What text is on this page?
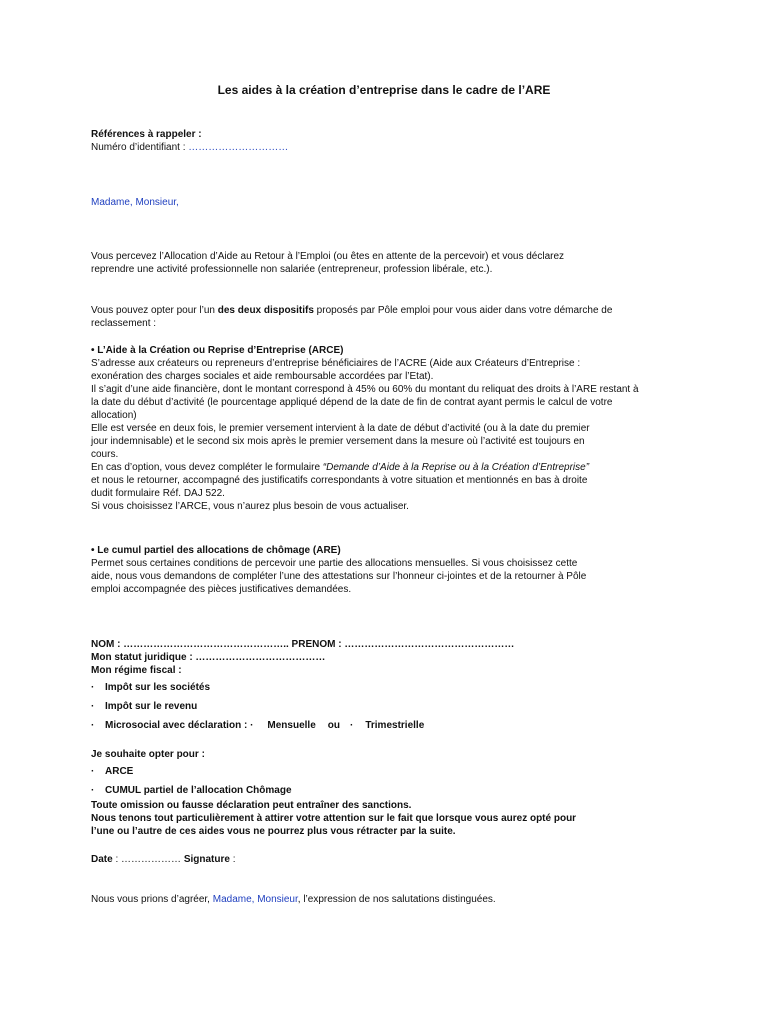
Les aides à la création d’entreprise dans le cadre de l’ARE
Références à rappeler :
Numéro d’identifiant : …………………………
Madame, Monsieur,
Vous percevez l’Allocation d’Aide au Retour à l’Emploi (ou êtes en attente de la percevoir) et vous déclarez
reprendre une activité professionnelle non salariée (entrepreneur, profession libérale, etc.).
Vous pouvez opter pour l’un des deux dispositifs proposés par Pôle emploi pour vous aider dans votre démarche de
reclassement :
• L’Aide à la Création ou Reprise d’Entreprise (ARCE)
S’adresse aux créateurs ou repreneurs d’entreprise bénéficiaires de l’ACRE (Aide aux Créateurs d’Entreprise :
exonération des charges sociales et aide remboursable accordées par l’Etat).
Il s’agit d’une aide financière, dont le montant correspond à 45% ou 60% du montant du reliquat des droits à l’ARE restant à
la date du début d’activité (le pourcentage appliqué dépend de la date de fin de contrat ayant permis le calcul de votre
allocation)
Elle est versée en deux fois, le premier versement intervient à la date de début d’activité (ou à la date du premier
jour indemnisable) et le second six mois après le premier versement dans la mesure où l’activité est toujours en
cours.
En cas d’option, vous devez compléter le formulaire “Demande d’Aide à la Reprise ou à la Création d’Entreprise”
et nous le retourner, accompagné des justificatifs correspondants à votre situation et mentionnés en bas à droite
dudit formulaire Réf. DAJ 522.
Si vous choisissez l’ARCE, vous n’aurez plus besoin de vous actualiser.
• Le cumul partiel des allocations de chômage (ARE)
Permet sous certaines conditions de percevoir une partie des allocations mensuelles. Si vous choisissez cette
aide, nous vous demandons de compléter l’une des attestations sur l’honneur ci-jointes et de la retourner à Pôle
emploi accompagnée des pièces justificatives demandées.
NOM : ………………………………………….. PRENOM : ……………………………………………
Mon statut juridique : …………………………………
Mon régime fiscal :
· Impôt sur les sociétés
· Impôt sur le revenu
· Microsocial avec déclaration : · Mensuelle ou · Trimestrielle
Je souhaite opter pour :
· ARCE
· CUMUL partiel de l’allocation Chômage
Toute omission ou fausse déclaration peut entraîner des sanctions.
Nous tenons tout particulièrement à attirer votre attention sur le fait que lorsque vous aurez opté pour
l’une ou l’autre de ces aides vous ne pourrez plus vous rétracter par la suite.
Date : ……………… Signature :
Nous vous prions d’agréer, Madame, Monsieur, l’expression de nos salutations distinguées.
